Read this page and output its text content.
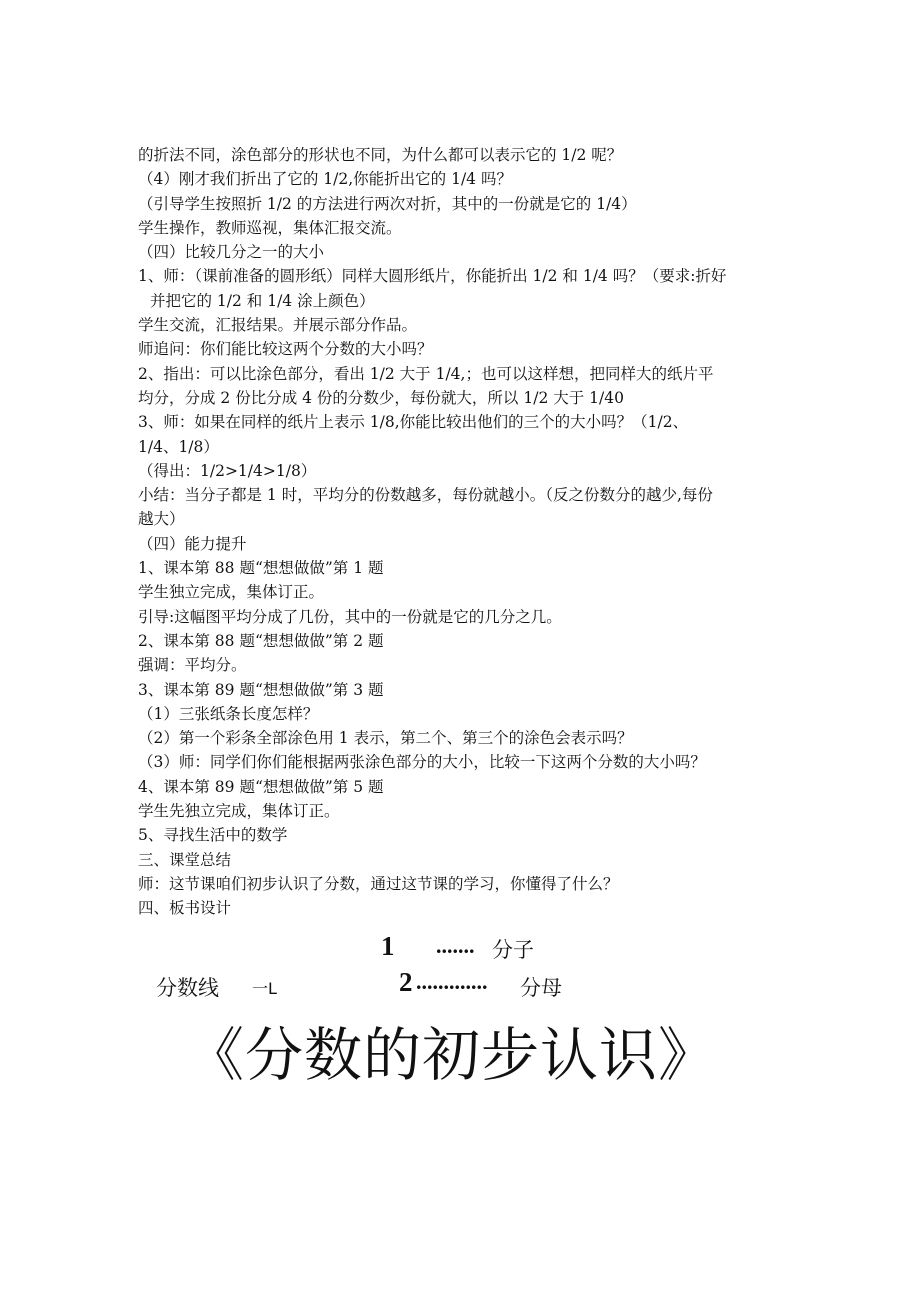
的折法不同，涂色部分的形状也不同，为什么都可以表示它的 1/2 呢？
（4）刚才我们折出了它的 1/2,你能折出它的 1/4 吗？
（引导学生按照折 1/2 的方法进行两次对折，其中的一份就是它的 1/4）
学生操作，教师巡视，集体汇报交流。
（四）比较几分之一的大小
1、师：（课前准备的圆形纸）同样大圆形纸片，你能折出 1/2 和 1/4 吗？（要求:折好
并把它的 1/2 和 1/4 涂上颜色）
学生交流，汇报结果。并展示部分作品。
师追问：你们能比较这两个分数的大小吗？
2、指出：可以比涂色部分，看出 1/2 大于 1/4,；也可以这样想，把同样大的纸片平
均分，分成 2 份比分成 4 份的分数少，每份就大，所以 1/2 大于 1/40
3、师：如果在同样的纸片上表示 1/8,你能比较出他们的三个的大小吗？（1/2、
1/4、1/8）
（得出：1/2>1/4>1/8）
小结：当分子都是 1 时，平均分的份数越多，每份就越小。（反之份数分的越少,每份
越大）
（四）能力提升
1、课本第 88 题“想想做做”第 1 题
学生独立完成，集体订正。
引导:这幅图平均分成了几份，其中的一份就是它的几分之几。
2、课本第 88 题“想想做做”第 2 题
强调：平均分。
3、课本第 89 题“想想做做”第 3 题
（1）三张纸条长度怎样？
（2）第一个彩条全部涂色用 1 表示，第二个、第三个的涂色会表示吗？
（3）师：同学们你们能根据两张涂色部分的大小，比较一下这两个分数的大小吗？
4、课本第 89 题“想想做做”第 5 题
学生先独立完成，集体订正。
5、寻找生活中的数学
三、课堂总结
师：这节课咱们初步认识了分数，通过这节课的学习，你懂得了什么？
四、板书设计
1 ....... 分子
分数线 一L	2 ............. 分母
《分数的初步认识》
